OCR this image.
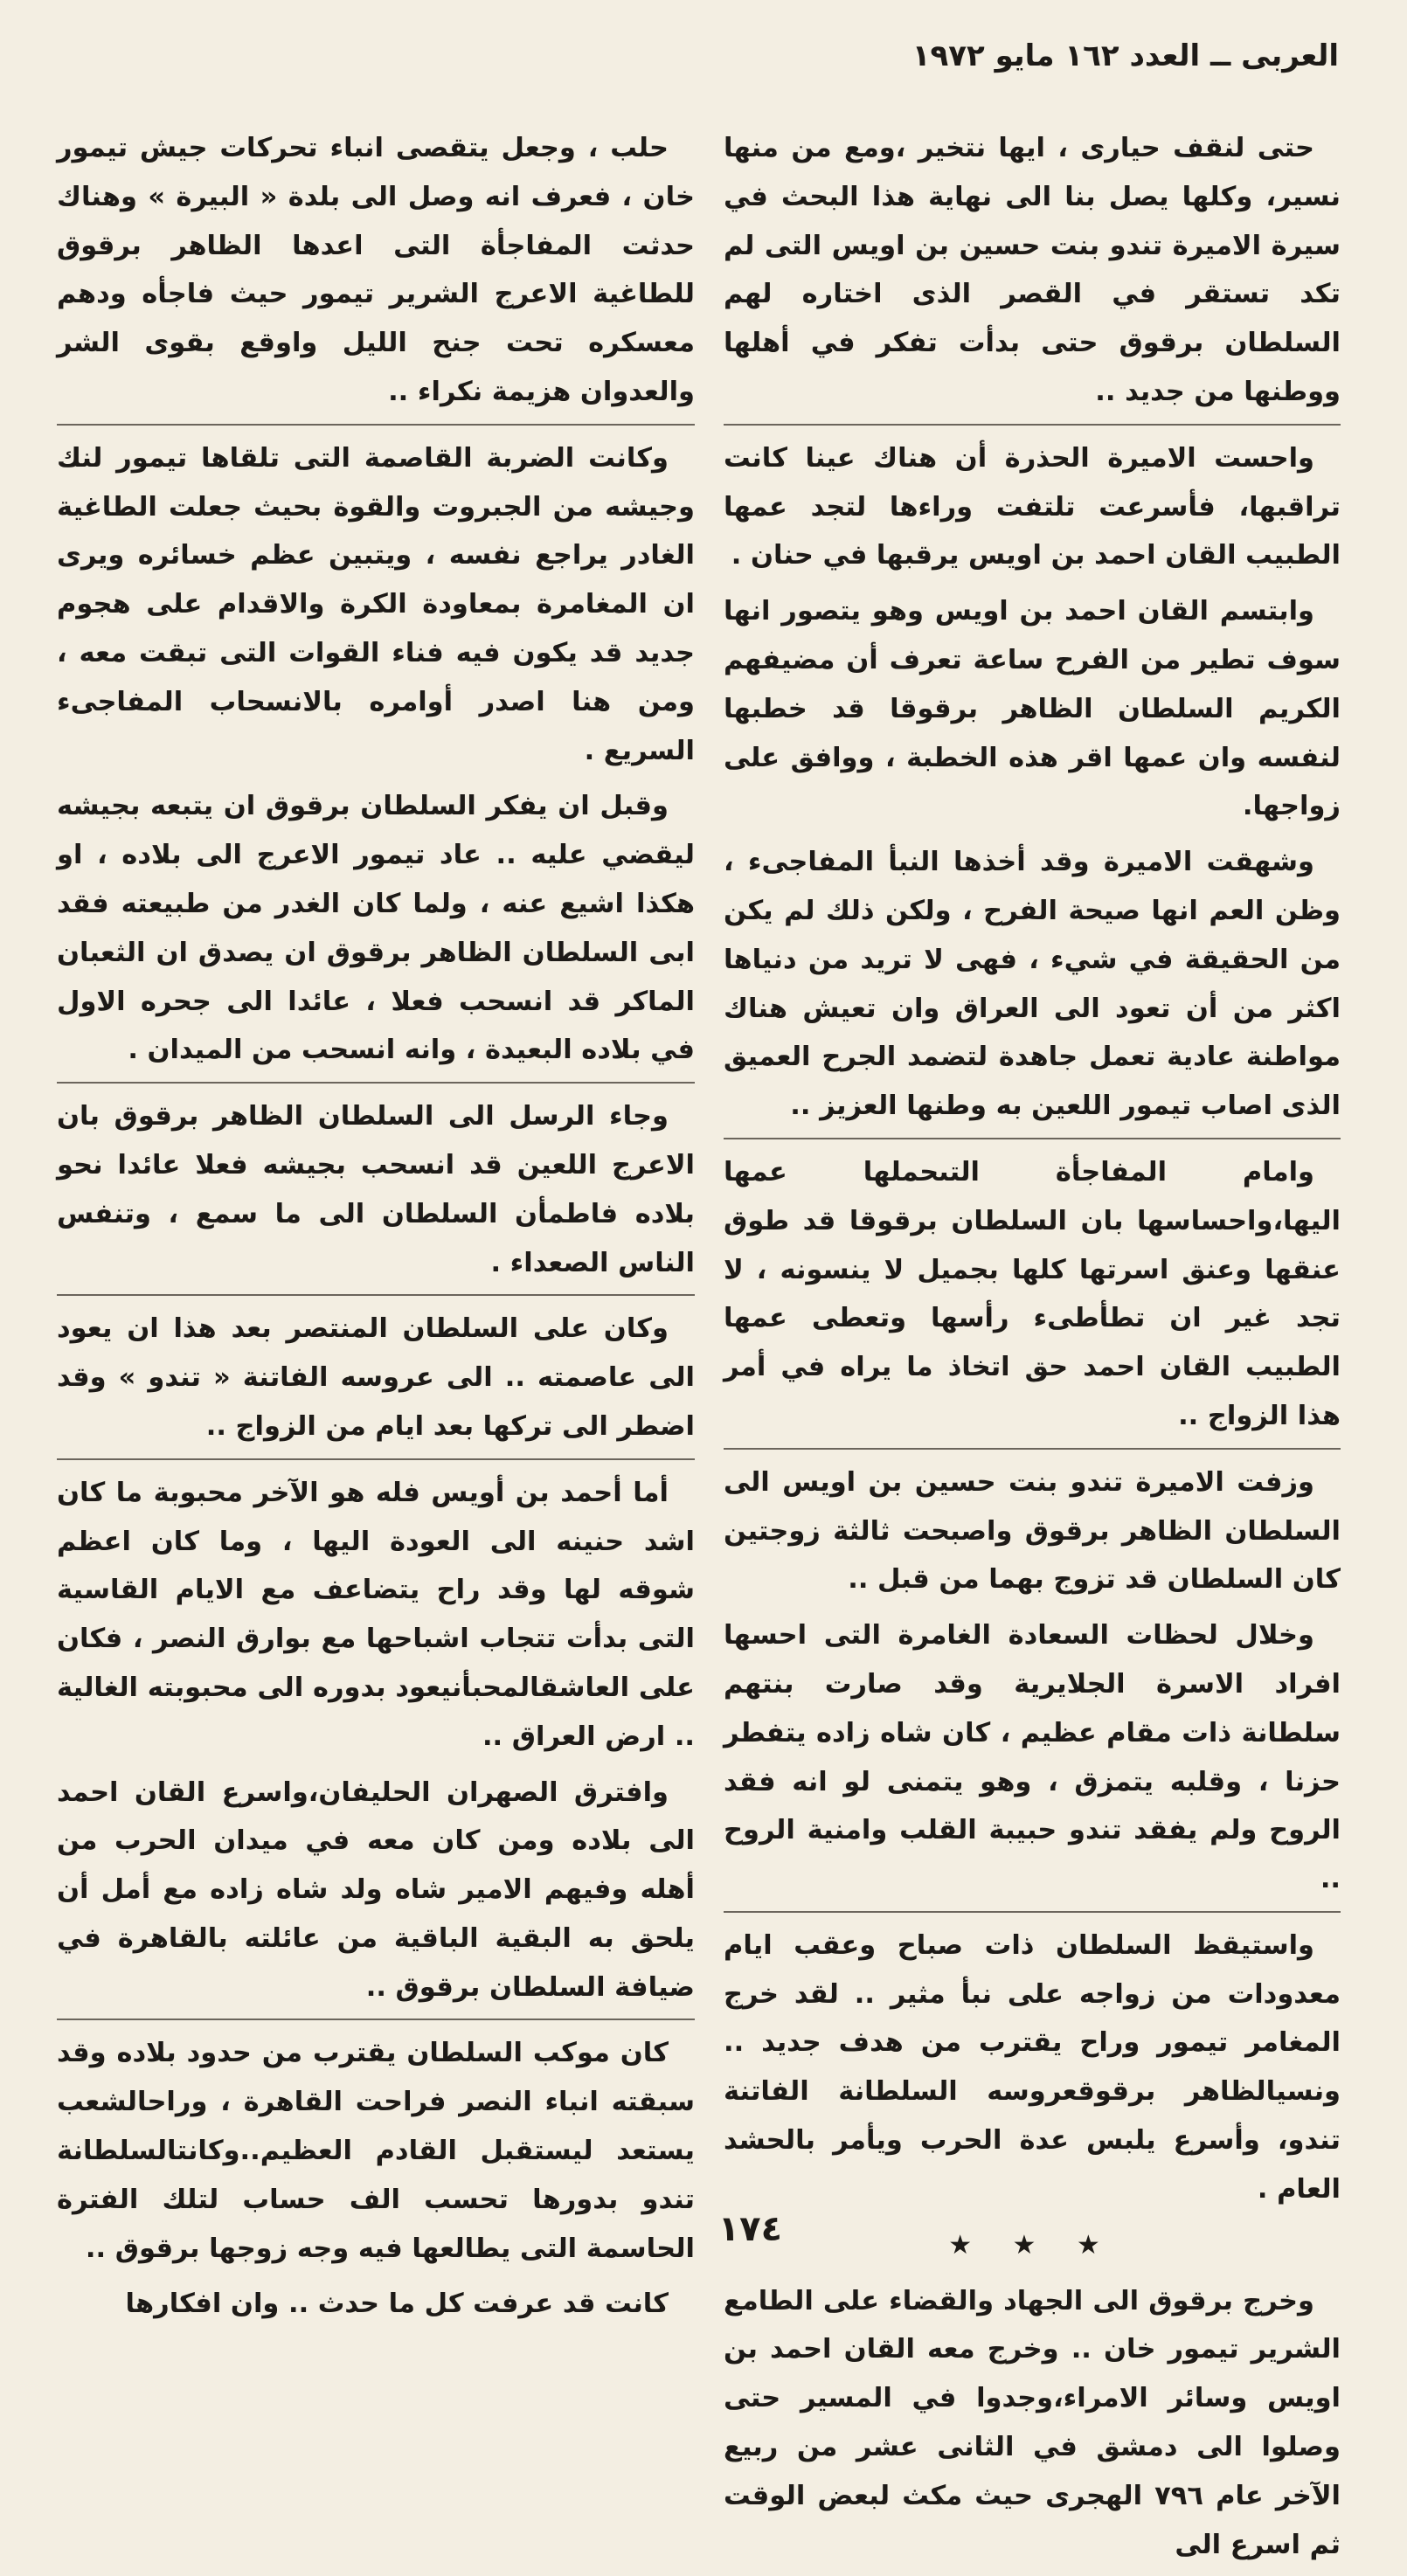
العربى ــ العدد ١٦٢ مايو ١٩٧٢

حتى لنقف حيارى ، ايها نتخير ،ومع من منها نسير، وكلها يصل بنا الى نهاية هذا البحث في سيرة الاميرة تندو بنت حسين بن اويس التى لم تكد تستقر في القصر الذى اختاره لهم السلطان برقوق حتى بدأت تفكر في أهلها ووطنها من جديد ..

واحست الاميرة الحذرة أن هناك عينا كانت تراقبها، فأسرعت تلتفت وراءها لتجد عمها الطبيب القان احمد بن اويس يرقبها في حنان .

وابتسم القان احمد بن اويس وهو يتصور انها سوف تطير من الفرح ساعة تعرف أن مضيفهم الكريم السلطان الظاهر برقوقا قد خطبها لنفسه وان عمها اقر هذه الخطبة ، ووافق على زواجها.

وشهقت الاميرة وقد أخذها النبأ المفاجىء ، وظن العم انها صيحة الفرح ، ولكن ذلك لم يكن من الحقيقة في شيء ، فهى لا تريد من دنياها اكثر من أن تعود الى العراق وان تعيش هناك مواطنة عادية تعمل جاهدة لتضمد الجرح العميق الذى اصاب تيمور اللعين به وطنها العزيز ..

وامام المفاجأة التىحملها عمها اليها،واحساسها بان السلطان برقوقا قد طوق عنقها وعنق اسرتها كلها بجميل لا ينسونه ، لا تجد غير ان تطأطىء رأسها وتعطى عمها الطبيب القان احمد حق اتخاذ ما يراه في أمر هذا الزواج ..

وزفت الاميرة تندو بنت حسين بن اويس الى السلطان الظاهر برقوق واصبحت ثالثة زوجتين كان السلطان قد تزوج بهما من قبل ..

وخلال لحظات السعادة الغامرة التى احسها افراد الاسرة الجلايرية وقد صارت بنتهم سلطانة ذات مقام عظيم ، كان شاه زاده يتفطر حزنا ، وقلبه يتمزق ، وهو يتمنى لو انه فقد الروح ولم يفقد تندو حبيبة القلب وامنية الروح ..

واستيقظ السلطان ذات صباح وعقب ايام معدودات من زواجه على نبأ مثير .. لقد خرج المغامر تيمور وراح يقترب من هدف جديد .. ونسيالظاهر برقوقعروسه السلطانة الفاتنة تندو، وأسرع يلبس عدة الحرب ويأمر بالحشد العام .

★ ★ ★

وخرج برقوق الى الجهاد والقضاء على الطامع الشرير تيمور خان .. وخرج معه القان احمد بن اويس وسائر الامراء،وجدوا في المسير حتى وصلوا الى دمشق في الثانى عشر من ربيع الآخر عام ٧٩٦ الهجرى حيث مكث لبعض الوقت ثم اسرع الى

حلب ، وجعل يتقصى انباء تحركات جيش تيمور خان ، فعرف انه وصل الى بلدة « البيرة » وهناك حدثت المفاجأة التى اعدها الظاهر برقوق للطاغية الاعرج الشرير تيمور حيث فاجأه ودهم معسكره تحت جنح الليل واوقع بقوى الشر والعدوان هزيمة نكراء ..

وكانت الضربة القاصمة التى تلقاها تيمور لنك وجيشه من الجبروت والقوة بحيث جعلت الطاغية الغادر يراجع نفسه ، ويتبين عظم خسائره ويرى ان المغامرة بمعاودة الكرة والاقدام على هجوم جديد قد يكون فيه فناء القوات التى تبقت معه ، ومن هنا اصدر أوامره بالانسحاب المفاجىء السريع .

وقبل ان يفكر السلطان برقوق ان يتبعه بجيشه ليقضي عليه .. عاد تيمور الاعرج الى بلاده ، او هكذا اشيع عنه ، ولما كان الغدر من طبيعته فقد ابى السلطان الظاهر برقوق ان يصدق ان الثعبان الماكر قد انسحب فعلا ، عائدا الى جحره الاول في بلاده البعيدة ، وانه انسحب من الميدان .

وجاء الرسل الى السلطان الظاهر برقوق بان الاعرج اللعين قد انسحب بجيشه فعلا عائدا نحو بلاده فاطمأن السلطان الى ما سمع ، وتنفس الناس الصعداء .

وكان على السلطان المنتصر بعد هذا ان يعود الى عاصمته .. الى عروسه الفاتنة « تندو » وقد اضطر الى تركها بعد ايام من الزواج ..

أما أحمد بن أويس فله هو الآخر محبوبة ما كان اشد حنينه الى العودة اليها ، وما كان اعظم شوقه لها وقد راح يتضاعف مع الايام القاسية التى بدأت تتجاب اشباحها مع بوارق النصر ، فكان على العاشقالمحبأنيعود بدوره الى محبوبته الغالية .. ارض العراق ..

وافترق الصهران الحليفان،واسرع القان احمد الى بلاده ومن كان معه في ميدان الحرب من أهله وفيهم الامير شاه ولد شاه زاده مع أمل أن يلحق به البقية الباقية من عائلته بالقاهرة في ضيافة السلطان برقوق ..

كان موكب السلطان يقترب من حدود بلاده وقد سبقته انباء النصر فراحت القاهرة ، وراحالشعب يستعد ليستقبل القادم العظيم..وكانتالسلطانة تندو بدورها تحسب الف حساب لتلك الفترة الحاسمة التى يطالعها فيه وجه زوجها برقوق ..

كانت قد عرفت كل ما حدث .. وان افكارها

١٧٤
